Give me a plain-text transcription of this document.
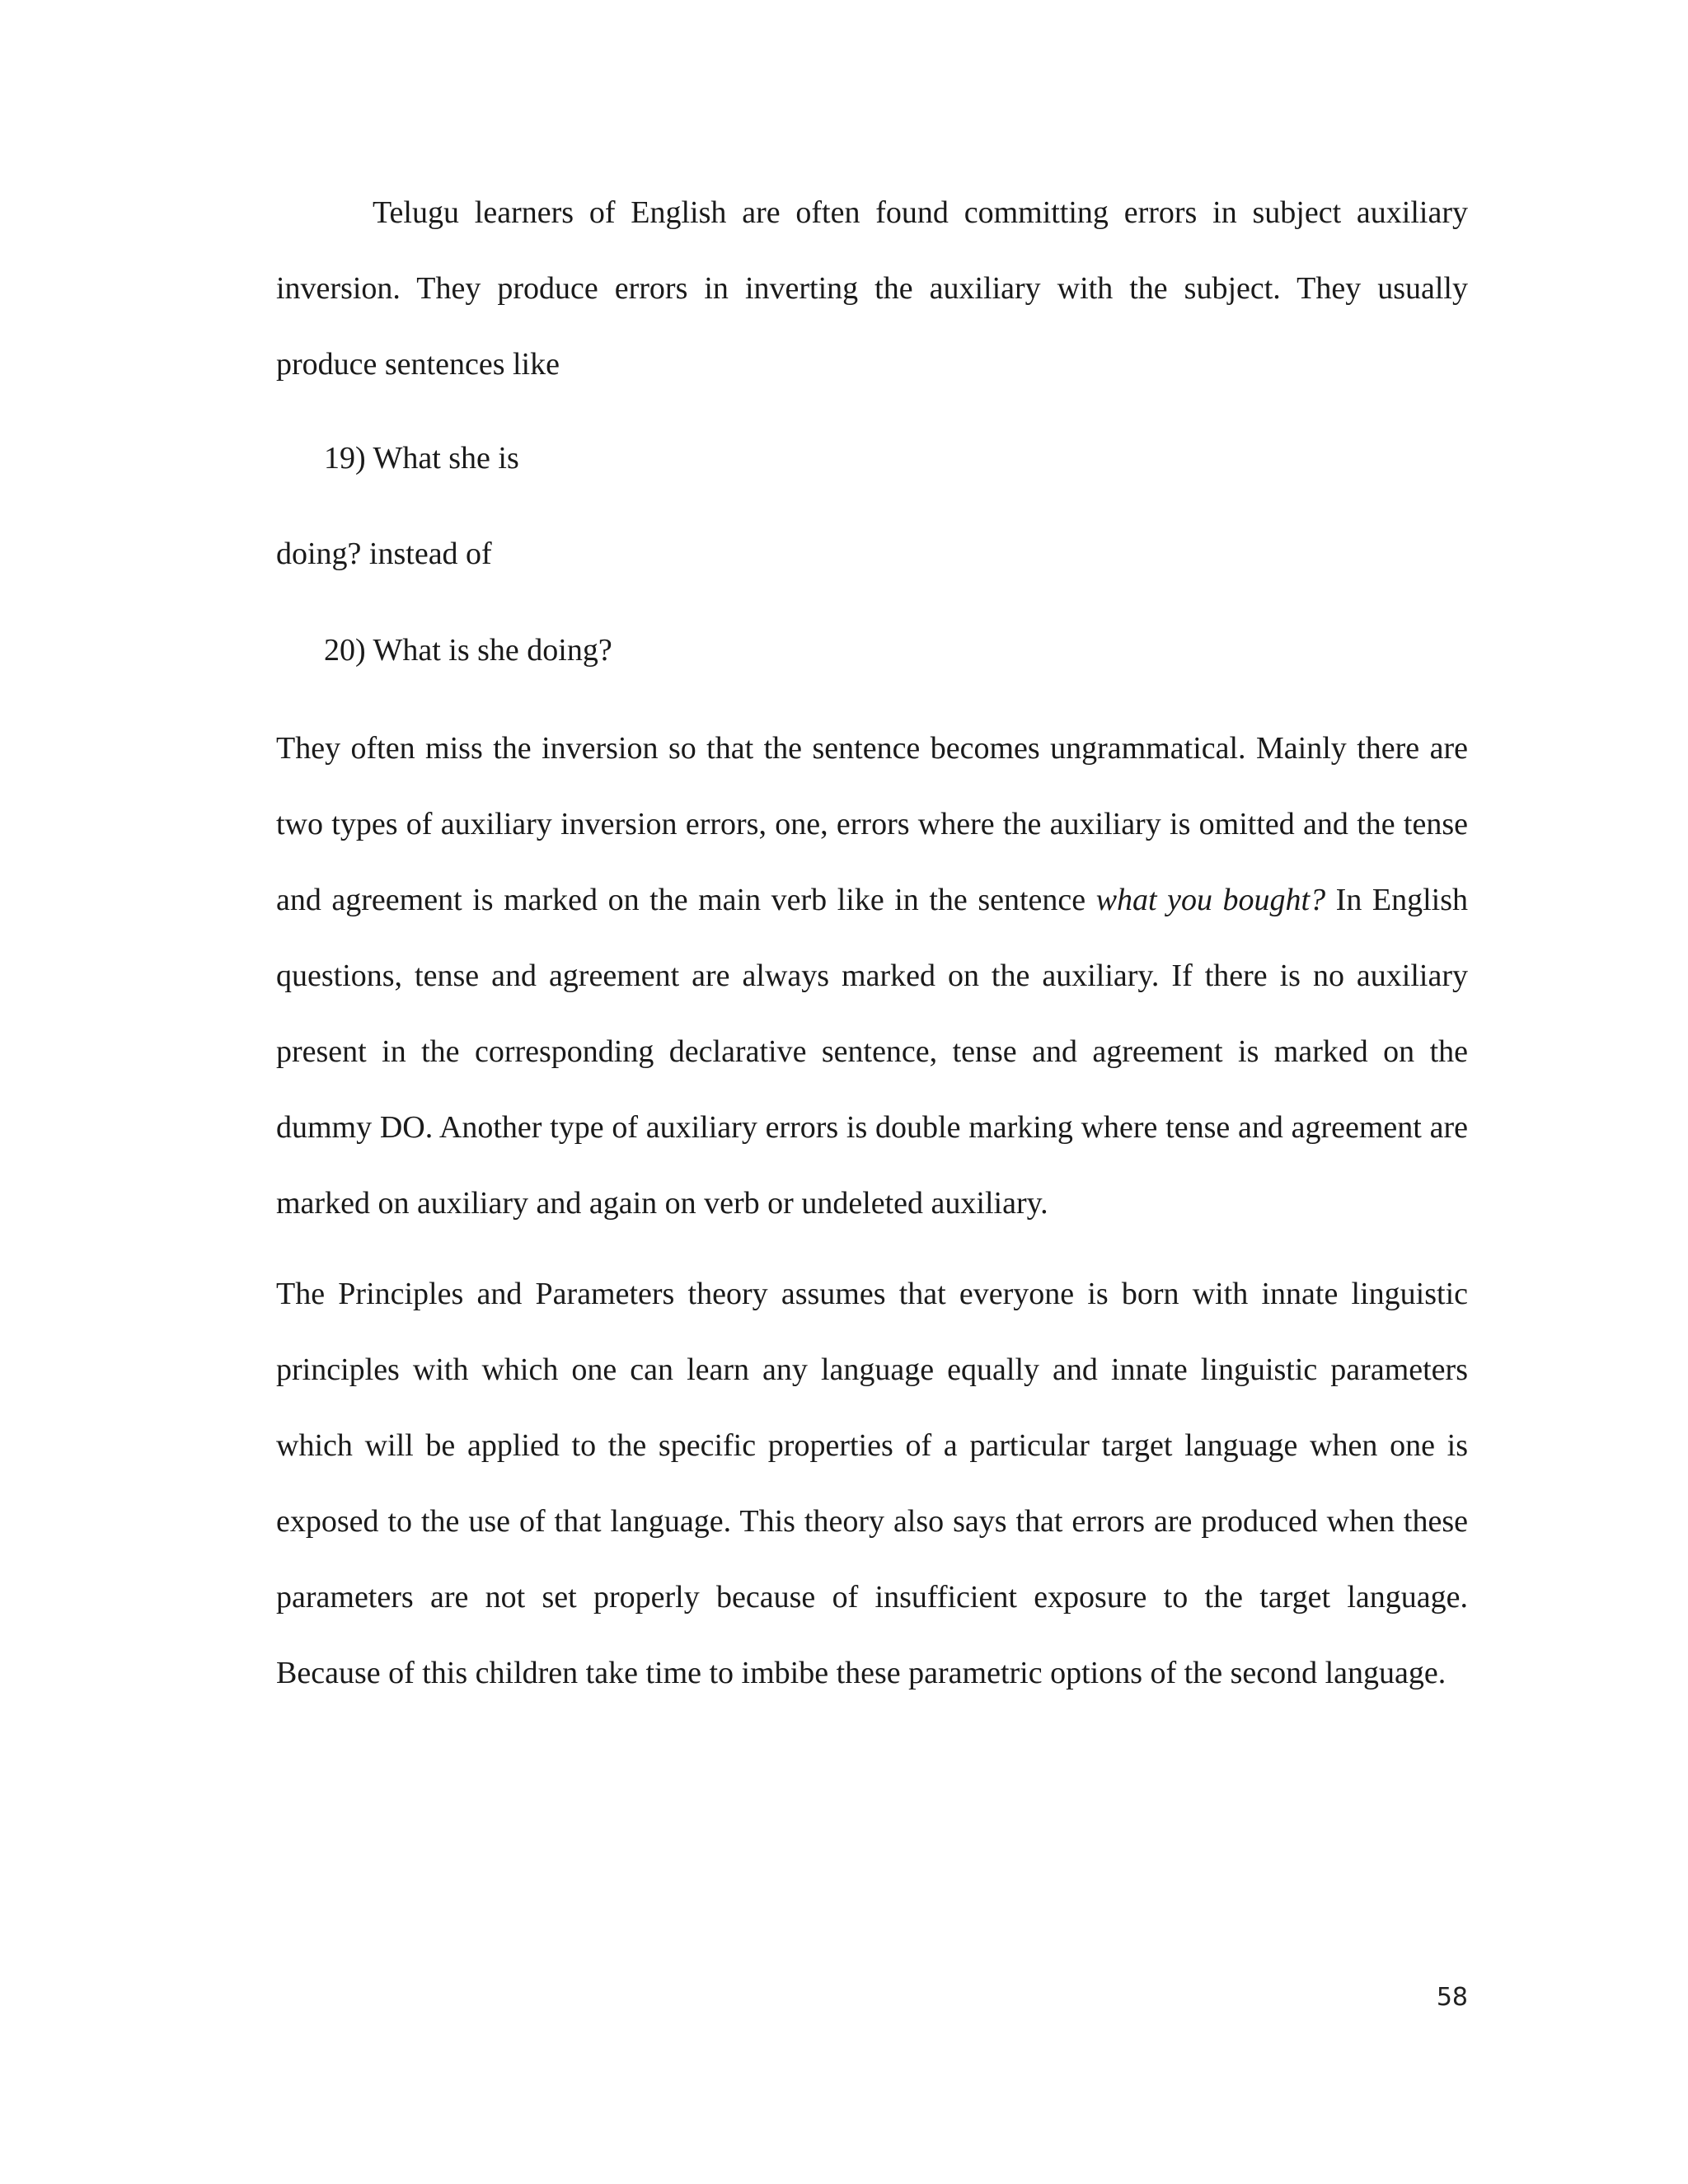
Telugu learners of English are often found committing errors in subject auxiliary inversion. They produce errors in inverting the auxiliary with the subject. They usually produce sentences like

19) What she is

doing? instead of

20) What is she doing?

They often miss the inversion so that the sentence becomes ungrammatical. Mainly there are two types of auxiliary inversion errors, one, errors where the auxiliary is omitted and the tense and agreement is marked on the main verb like in the sentence what you bought? In English questions, tense and agreement are always marked on the auxiliary. If there is no auxiliary present in the corresponding declarative sentence, tense and agreement is marked on the dummy DO. Another type of auxiliary errors is double marking where tense and agreement are marked on auxiliary and again on verb or undeleted auxiliary.

The Principles and Parameters theory assumes that everyone is born with innate linguistic principles with which one can learn any language equally and innate linguistic parameters which will be applied to the specific properties of a particular target language when one is exposed to the use of that language. This theory also says that errors are produced when these parameters are not set properly because of insufficient exposure to the target language. Because of this children take time to imbibe these parametric options of the second language.

58
